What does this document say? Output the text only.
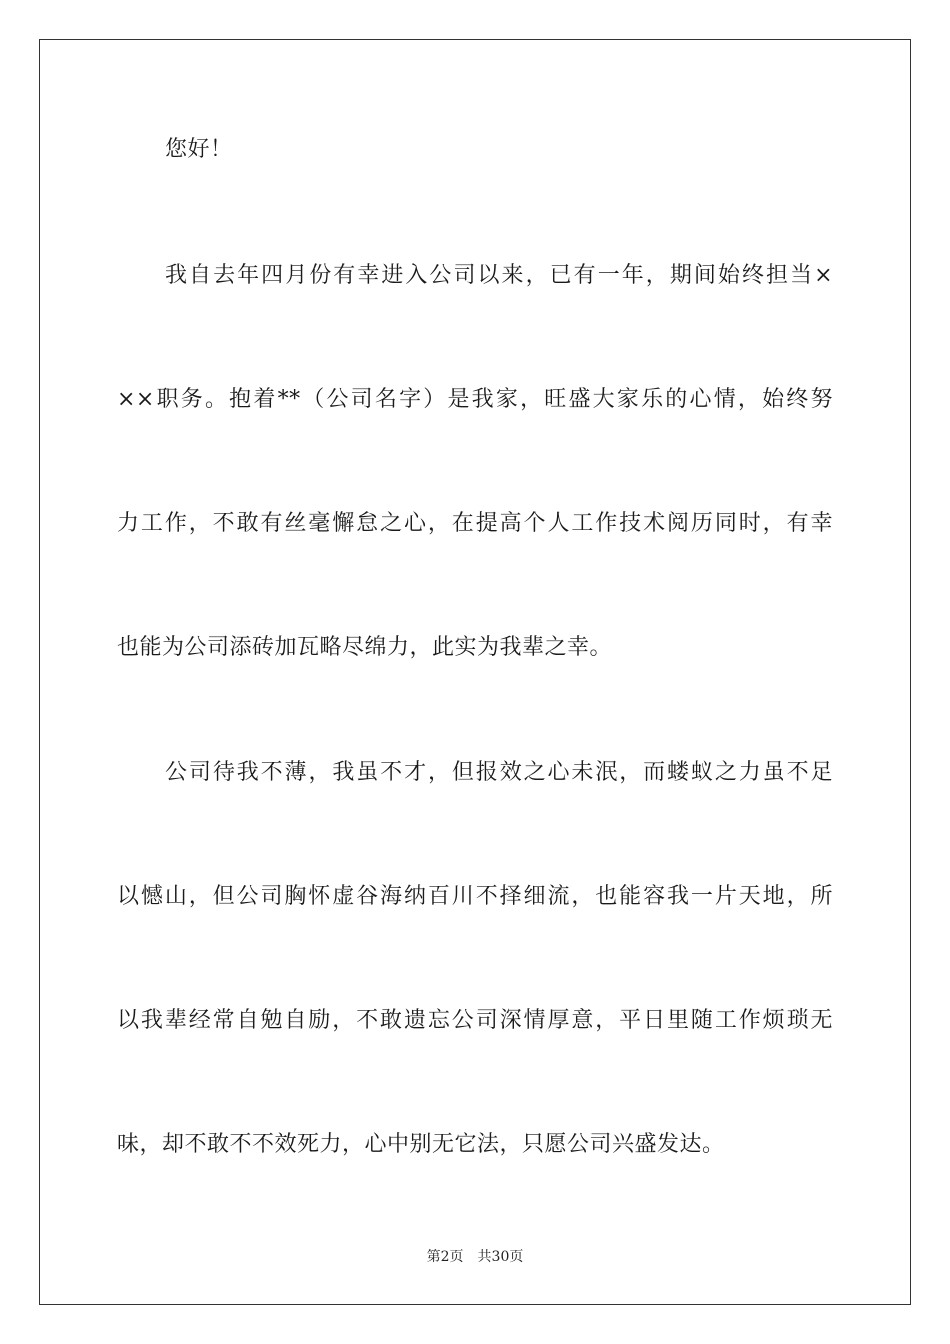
您好！
我自去年四月份有幸进入公司以来，已有一年，期间始终担当×
××职务。抱着**（公司名字）是我家，旺盛大家乐的心情，始终努
力工作，不敢有丝毫懈怠之心，在提高个人工作技术阅历同时，有幸
也能为公司添砖加瓦略尽绵力，此实为我辈之幸。
公司待我不薄，我虽不才，但报效之心未泯，而蝼蚁之力虽不足
以憾山，但公司胸怀虚谷海纳百川不择细流，也能容我一片天地，所
以我辈经常自勉自励，不敢遗忘公司深情厚意，平日里随工作烦琐无
味，却不敢不不效死力，心中别无它法，只愿公司兴盛发达。
第2页 共30页
